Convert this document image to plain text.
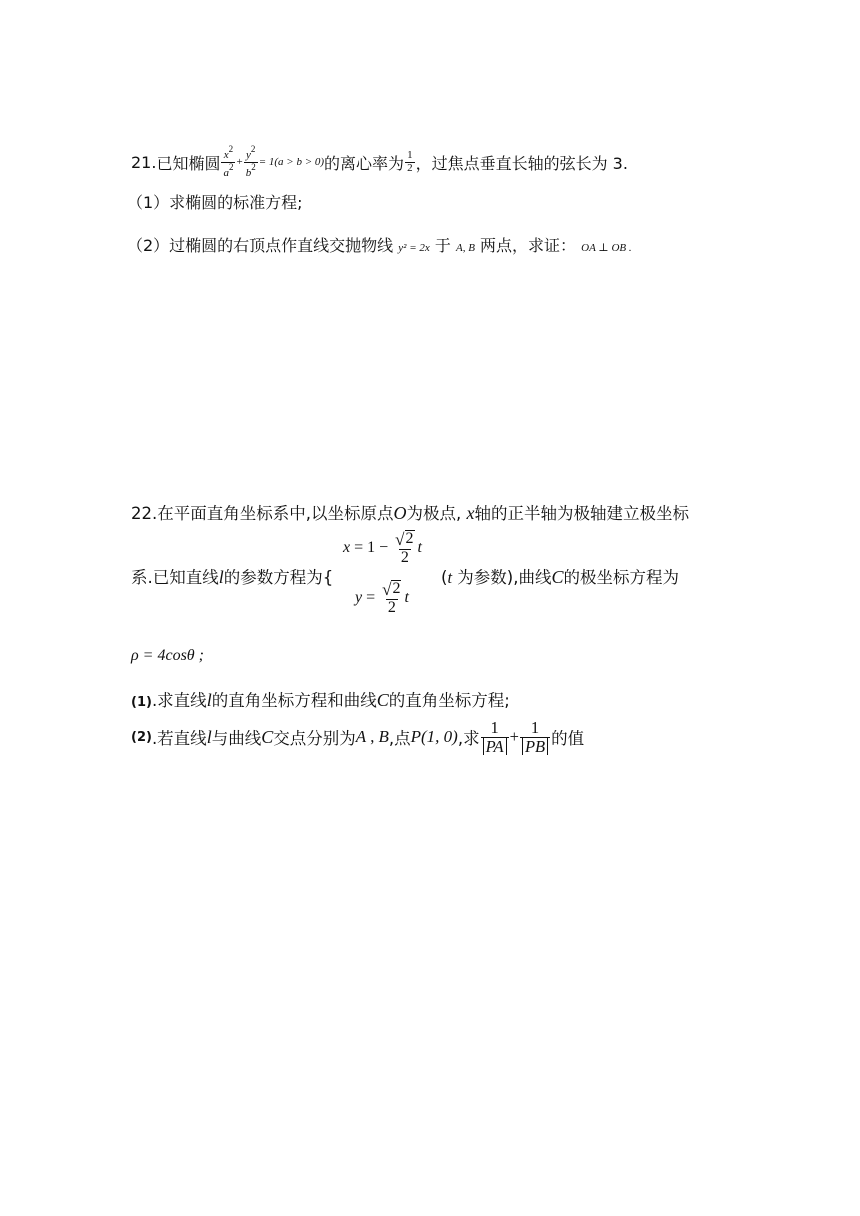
21. 已知椭圆 $\frac{x^2}{a^2} + \frac{y^2}{b^2} = 1(a > b > 0)$ 的离心率为 $\frac{1}{2}$ ，过焦点垂直长轴的弦长为 3.
（1）求椭圆的标准方程;
（2）过椭圆的右顶点作直线交抛物线 y² = 2x 于 A, B 两点，求证： OA ⊥ OB .
22.在平面直角坐标系中,以坐标原点O为极点, x轴的正半轴为极轴建立极坐标
$x = 1 - \frac{√ 2}{2}$ t
系.已知直线l的参数方程为{	(t 为参数),曲线C的极坐标方程为
$y = \frac{√ 2}{2}$ t
ρ = 4cosθ ;
(1).求直线l的直角坐标方程和曲线C的直角坐标方程;
(2) .若直线 l 与曲线 C 交点分别为 A , B ,点 P(1, 0) ,求 $\frac{1}{PA} + \frac{1}{PB}$ 的值
